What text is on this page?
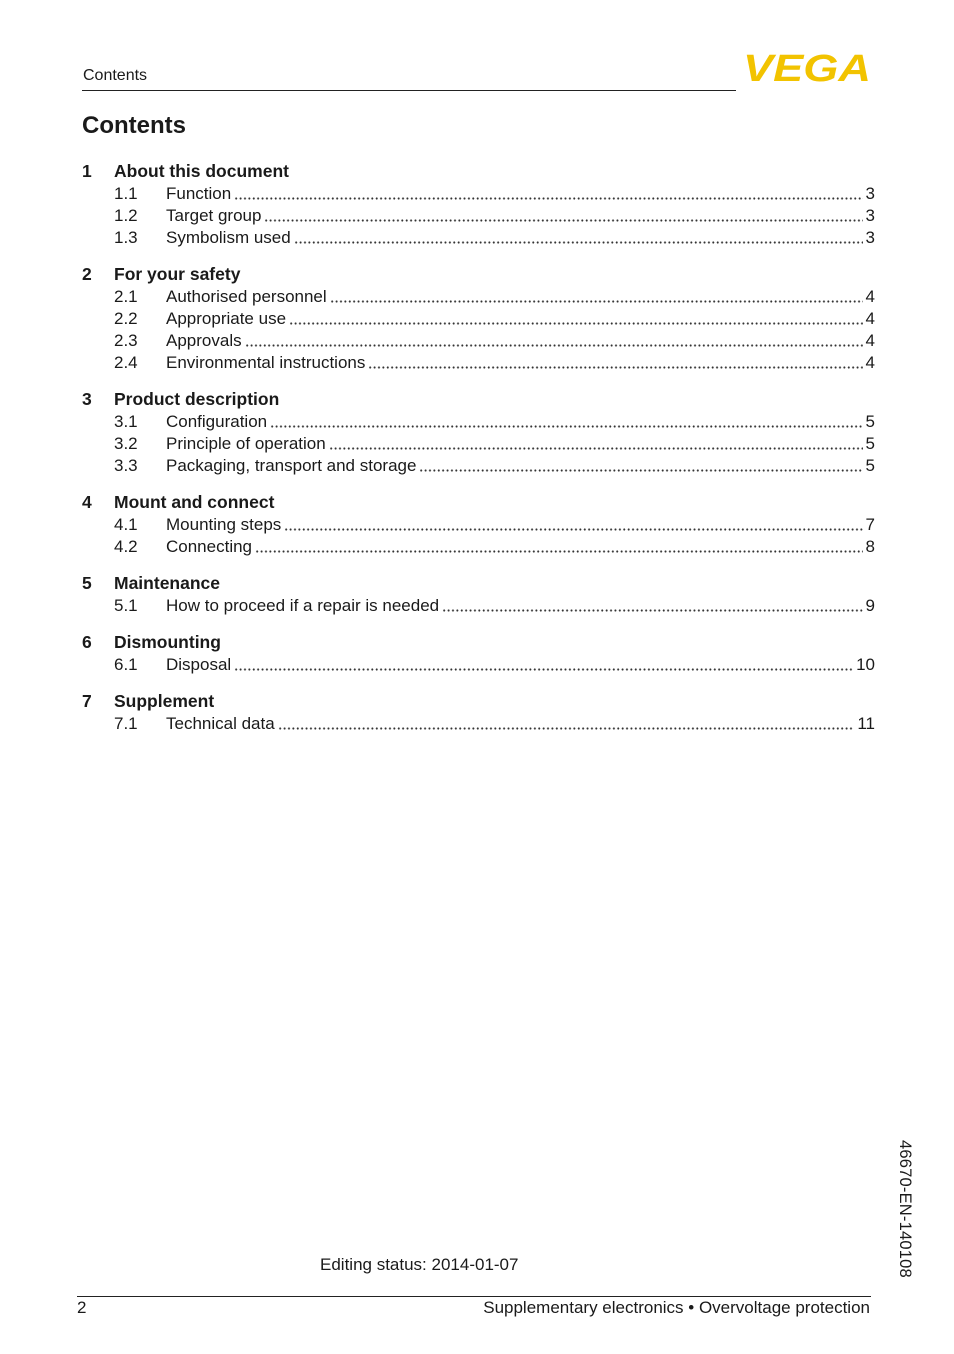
Contents	VEGA
Contents
1	About this document
1.1	Function	3
1.2	Target group	3
1.3	Symbolism used	3
2	For your safety
2.1	Authorised personnel	4
2.2	Appropriate use	4
2.3	Approvals	4
2.4	Environmental instructions	4
3	Product description
3.1	Configuration	5
3.2	Principle of operation	5
3.3	Packaging, transport and storage	5
4	Mount and connect
4.1	Mounting steps	7
4.2	Connecting	8
5	Maintenance
5.1	How to proceed if a repair is needed	9
6	Dismounting
6.1	Disposal	10
7	Supplement
7.1	Technical data	11
46670-EN-140108
Editing status: 2014-01-07
2	Supplementary electronics • Overvoltage protection
